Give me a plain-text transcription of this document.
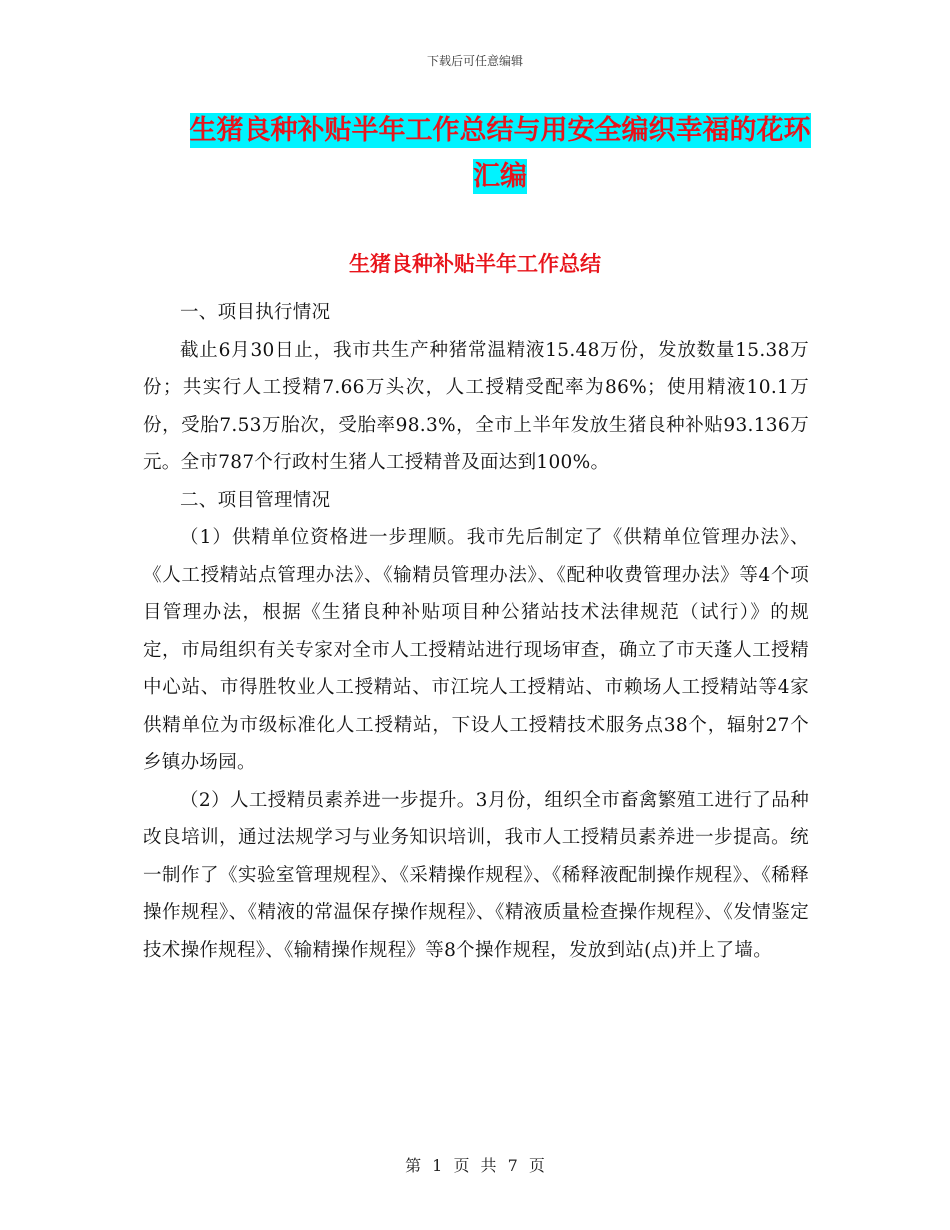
下载后可任意编辑
生猪良种补贴半年工作总结与用安全编织幸福的花环
汇编
生猪良种补贴半年工作总结

一、项目执行情况

截止6月30日止，我市共生产种猪常温精液15.48万份，发放数量15.38万份；共实行人工授精7.66万头次，人工授精受配率为86%；使用精液10.1万份，受胎7.53万胎次，受胎率98.3%，全市上半年发放生猪良种补贴93.136万元。全市787个行政村生猪人工授精普及面达到100%。

二、项目管理情况

（1）供精单位资格进一步理顺。我市先后制定了《供精单位管理办法》、《人工授精站点管理办法》、《输精员管理办法》、《配种收费管理办法》等4个项目管理办法，根据《生猪良种补贴项目种公猪站技术法律规范（试行）》的规定，市局组织有关专家对全市人工授精站进行现场审查，确立了市天蓬人工授精中心站、市得胜牧业人工授精站、市江垸人工授精站、市赖场人工授精站等4家供精单位为市级标准化人工授精站，下设人工授精技术服务点38个，辐射27个乡镇办场园。

（2）人工授精员素养进一步提升。3月份，组织全市畜禽繁殖工进行了品种改良培训，通过法规学习与业务知识培训，我市人工授精员素养进一步提高。统一制作了《实验室管理规程》、《采精操作规程》、《稀释液配制操作规程》、《稀释操作规程》、《精液的常温保存操作规程》、《精液质量检查操作规程》、《发情鉴定技术操作规程》、《输精操作规程》等8个操作规程，发放到站(点)并上了墙。

第 1 页 共 7 页
